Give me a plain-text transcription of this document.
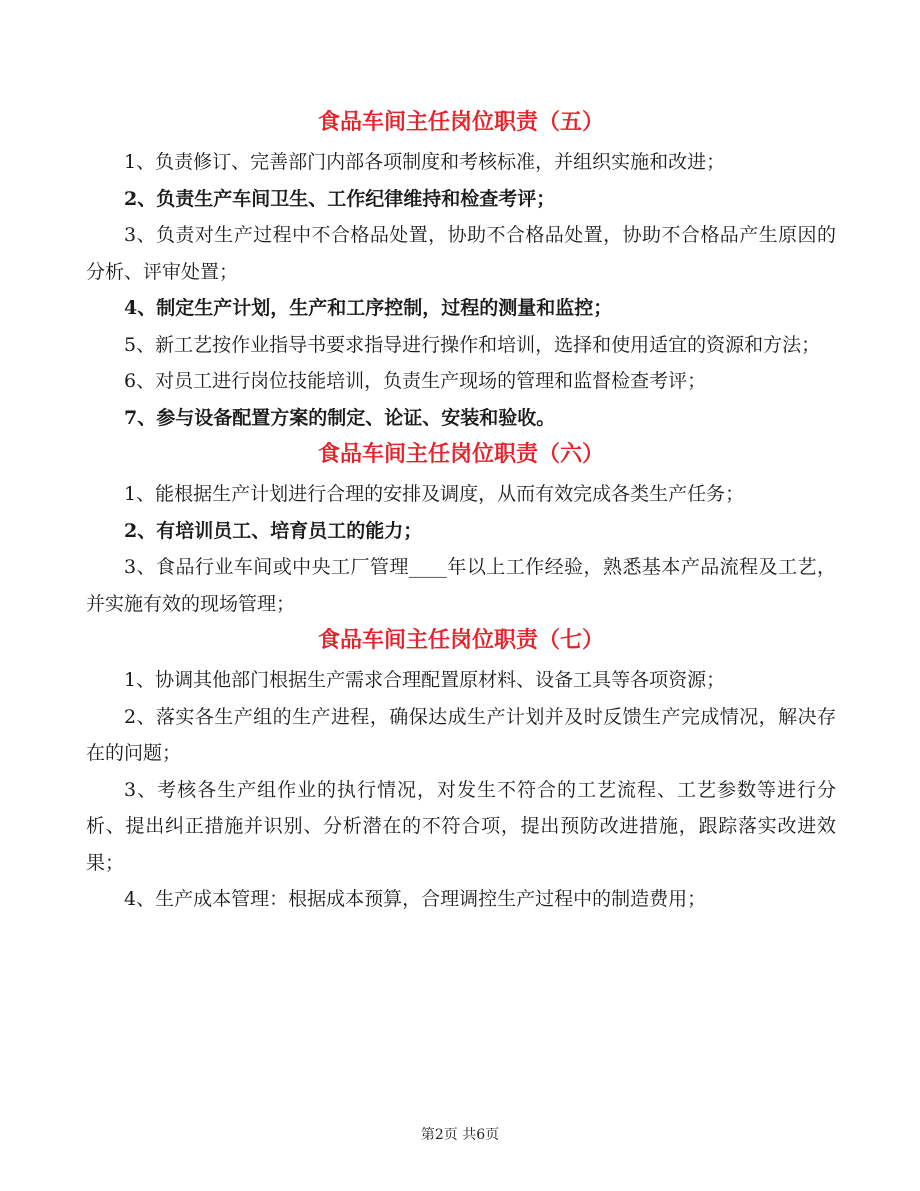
食品车间主任岗位职责（五）

1、负责修订、完善部门内部各项制度和考核标准，并组织实施和改进；

2、负责生产车间卫生、工作纪律维持和检查考评；

3、负责对生产过程中不合格品处置，协助不合格品处置，协助不合格品产生原因的分析、评审处置；

4、制定生产计划，生产和工序控制，过程的测量和监控；

5、新工艺按作业指导书要求指导进行操作和培训，选择和使用适宜的资源和方法；

6、对员工进行岗位技能培训，负责生产现场的管理和监督检查考评；

7、参与设备配置方案的制定、论证、安装和验收。

食品车间主任岗位职责（六）

1、能根据生产计划进行合理的安排及调度，从而有效完成各类生产任务；

2、有培训员工、培育员工的能力；

3、食品行业车间或中央工厂管理____年以上工作经验，熟悉基本产品流程及工艺，并实施有效的现场管理；

食品车间主任岗位职责（七）

1、协调其他部门根据生产需求合理配置原材料、设备工具等各项资源；

2、落实各生产组的生产进程，确保达成生产计划并及时反馈生产完成情况，解决存在的问题；

3、考核各生产组作业的执行情况，对发生不符合的工艺流程、工艺参数等进行分析、提出纠正措施并识别、分析潜在的不符合项，提出预防改进措施，跟踪落实改进效果；

4、生产成本管理：根据成本预算，合理调控生产过程中的制造费用；

第2页 共6页
